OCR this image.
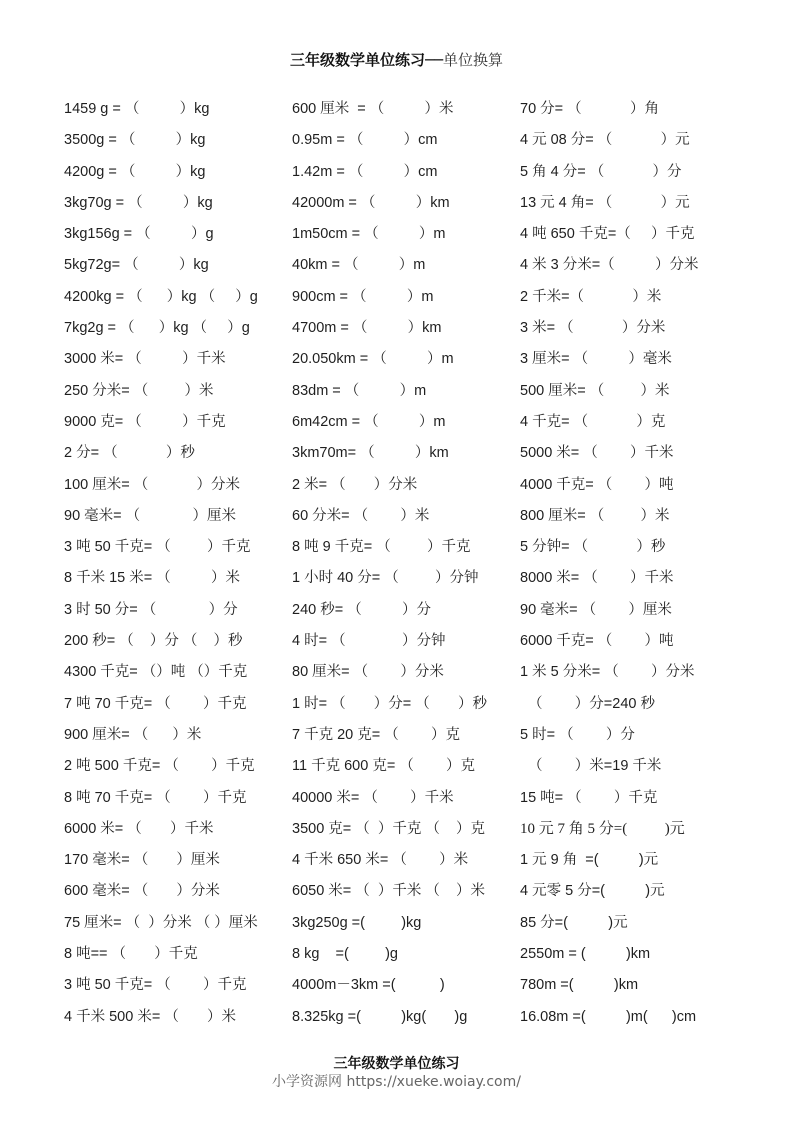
三年级数学单位练习──单位换算
1459 g = （          ）kg
3500g = （          ）kg
4200g = （          ）kg
3kg70g = （          ）kg
3kg156g = （          ）g
5kg72g= （          ）kg
4200kg = （      ）kg （     ）g
7kg2g = （      ）kg （     ）g
3000 米= （          ）千米
250 分米= （         ）米
9000 克= （          ）千克
2 分= （            ）秒
100 厘米= （            ）分米
90 毫米= （             ）厘米
3 吨 50 千克= （         ）千克
8 千米 15 米= （          ）米
3 时 50 分= （             ）分
200 秒= （    ）分 （    ）秒
4300 千克= （）吨 （）千克
7 吨 70 千克= （        ）千克
900 厘米= （      ）米
2 吨 500 千克= （        ）千克
8 吨 70 千克= （        ）千克
6000 米= （       ）千米
170 毫米= （       ）厘米
600 毫米= （       ）分米
75 厘米= （  ）分米 （ ）厘米
8 吨== （       ）千克
3 吨 50 千克= （        ）千克
4 千米 500 米= （       ）米
600 厘米  = （          ）米
0.95m = （          ）cm
1.42m = （          ）cm
42000m = （          ）km
1m50cm = （          ）m
40km = （          ）m
900cm = （          ）m
4700m = （          ）km
20.050km = （          ）m
83dm = （          ）m
6m42cm = （          ）m
3km70m= （          ）km
2 米= （       ）分米
60 分米= （        ）米
8 吨 9 千克= （         ）千克
1 小时 40 分= （         ）分钟
240 秒= （          ）分
4 时= （              ）分钟
80 厘米= （        ）分米
1 时= （       ）分= （       ）秒
7 千克 20 克= （        ）克
11 千克 600 克= （        ）克
40000 米= （        ）千米
3500 克= （  ）千克 （    ）克
4 千米 650 米= （        ）米
6050 米= （  ）千米 （    ）米
3kg250g =(         )kg
8 kg    =(         )g
4000m－3km =(           )
8.325kg =(          )kg(       )g
70 分= （            ）角
4 元 08 分= （            ）元
5 角 4 分= （            ）分
13 元 4 角= （            ）元
4 吨 650 千克=（     ）千克
4 米 3 分米=（          ）分米
2 千米=（            ）米
3 米= （            ）分米
3 厘米= （          ）毫米
500 厘米= （         ）米
4 千克= （            ）克
5000 米= （        ）千米
4000 千克= （        ）吨
800 厘米= （         ）米
5 分钟= （            ）秒
8000 米= （        ）千米
90 毫米= （        ）厘米
6000 千克= （        ）吨
1 米 5 分米= （        ）分米
（        ）分=240 秒
5 时= （        ）分
（        ）米=19 千米
15 吨= （        ）千克
10 元 7 角 5 分=(          )元
1 元 9 角  =(          )元
4 元零 5 分=(          )元
85 分=(          )元
2550m = (          )km
780m =(          )km
16.08m =(          )m(      )cm
三年级数学单位练习
小学资源网 https://xueke.woiay.com/
